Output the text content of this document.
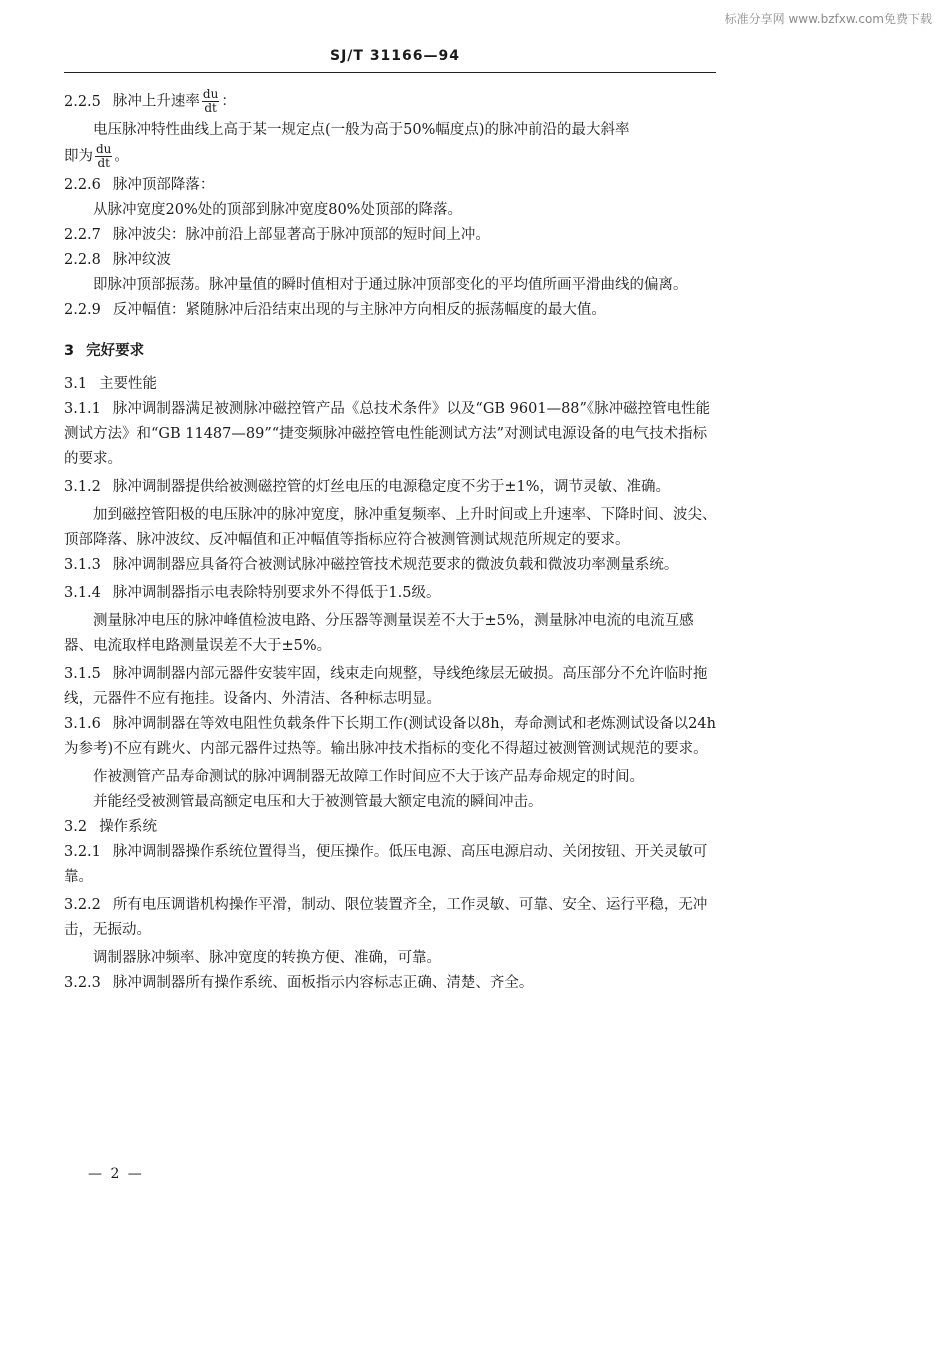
标准分享网 www.bzfxw.com免费下载
SJ/T 31166—94

2.2.5 脉冲上升速率 $\frac{du}{dt}$ ：

电压脉冲特性曲线上高于某一规定点(一般为高于50%幅度点)的脉冲前沿的最大斜率

即为 $\frac{du}{dt}$ 。

2.2.6 脉冲顶部降落：

从脉冲宽度20%处的顶部到脉冲宽度80%处顶部的降落。

2.2.7 脉冲波尖：脉冲前沿上部显著高于脉冲顶部的短时间上冲。

2.2.8 脉冲纹波

即脉冲顶部振荡。脉冲量值的瞬时值相对于通过脉冲顶部变化的平均值所画平滑曲线的偏离。

2.2.9 反冲幅值：紧随脉冲后沿结束出现的与主脉冲方向相反的振荡幅度的最大值。

3 完好要求

3.1 主要性能

3.1.1 脉冲调制器满足被测脉冲磁控管产品《总技术条件》以及“GB 9601—88”《脉冲磁控管电性能测试方法》和“GB 11487—89”“捷变频脉冲磁控管电性能测试方法”对测试电源设备的电气技术指标的要求。

3.1.2 脉冲调制器提供给被测磁控管的灯丝电压的电源稳定度不劣于±1%，调节灵敏、准确。

加到磁控管阳极的电压脉冲的脉冲宽度，脉冲重复频率、上升时间或上升速率、下降时间、波尖、顶部降落、脉冲波纹、反冲幅值和正冲幅值等指标应符合被测管测试规范所规定的要求。

3.1.3 脉冲调制器应具备符合被测试脉冲磁控管技术规范要求的微波负载和微波功率测量系统。

3.1.4 脉冲调制器指示电表除特别要求外不得低于1.5级。

测量脉冲电压的脉冲峰值检波电路、分压器等测量误差不大于±5%，测量脉冲电流的电流互感器、电流取样电路测量误差不大于±5%。

3.1.5 脉冲调制器内部元器件安装牢固，线束走向规整，导线绝缘层无破损。高压部分不允许临时拖线，元器件不应有拖挂。设备内、外清洁、各种标志明显。

3.1.6 脉冲调制器在等效电阻性负载条件下长期工作(测试设备以8h，寿命测试和老炼测试设备以24h为参考)不应有跳火、内部元器件过热等。输出脉冲技术指标的变化不得超过被测管测试规范的要求。

作被测管产品寿命测试的脉冲调制器无故障工作时间应不大于该产品寿命规定的时间。

并能经受被测管最高额定电压和大于被测管最大额定电流的瞬间冲击。

3.2 操作系统

3.2.1 脉冲调制器操作系统位置得当，便压操作。低压电源、高压电源启动、关闭按钮、开关灵敏可靠。

3.2.2 所有电压调谐机构操作平滑，制动、限位装置齐全，工作灵敏、可靠、安全、运行平稳，无冲击，无振动。

调制器脉冲频率、脉冲宽度的转换方便、准确，可靠。

3.2.3 脉冲调制器所有操作系统、面板指示内容标志正确、清楚、齐全。

— 2 —
